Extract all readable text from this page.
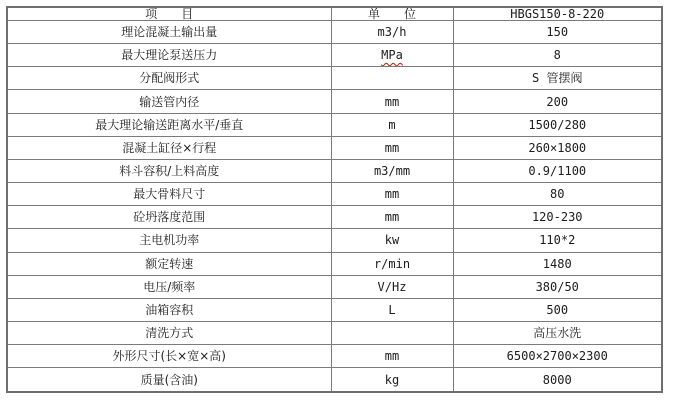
项　　目	单　　位	HBGS150-8-220
理论混凝土输出量	m3/h	150
最大理论泵送压力	MPa	8
分配阀形式		S 管摆阀
输送管内径	mm	200
最大理论输送距离水平/垂直	m	1500/280
混凝土缸径×行程	mm	260×1800
料斗容积/上料高度	m3/mm	0.9/1100
最大骨料尺寸	mm	80
砼坍落度范围	mm	120-230
主电机功率	kw	110*2
额定转速	r/min	1480
电压/频率	V/Hz	380/50
油箱容积	L	500
清洗方式		高压水洗
外形尺寸(长×宽×高)	mm	6500×2700×2300
质量(含油)	kg	8000
